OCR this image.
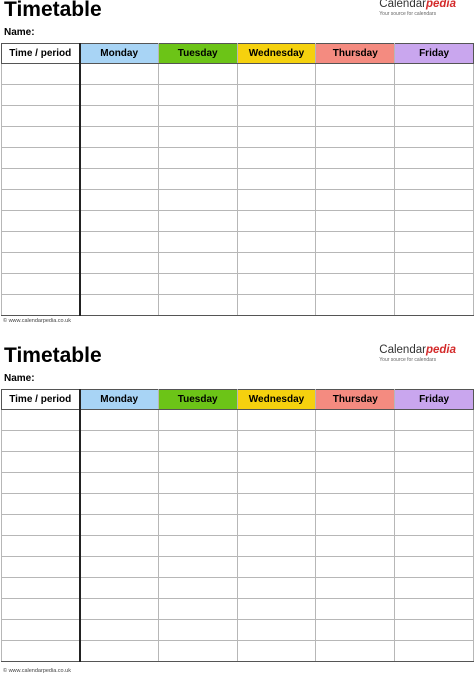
Timetable
Name:
Calendarpedia
Your source for calendars
Time / period	Monday	Tuesday	Wednesday	Thursday	Friday

© www.calendarpedia.co.uk
Timetable
Name:
Calendarpedia
Your source for calendars
Time / period	Monday	Tuesday	Wednesday	Thursday	Friday

© www.calendarpedia.co.uk
